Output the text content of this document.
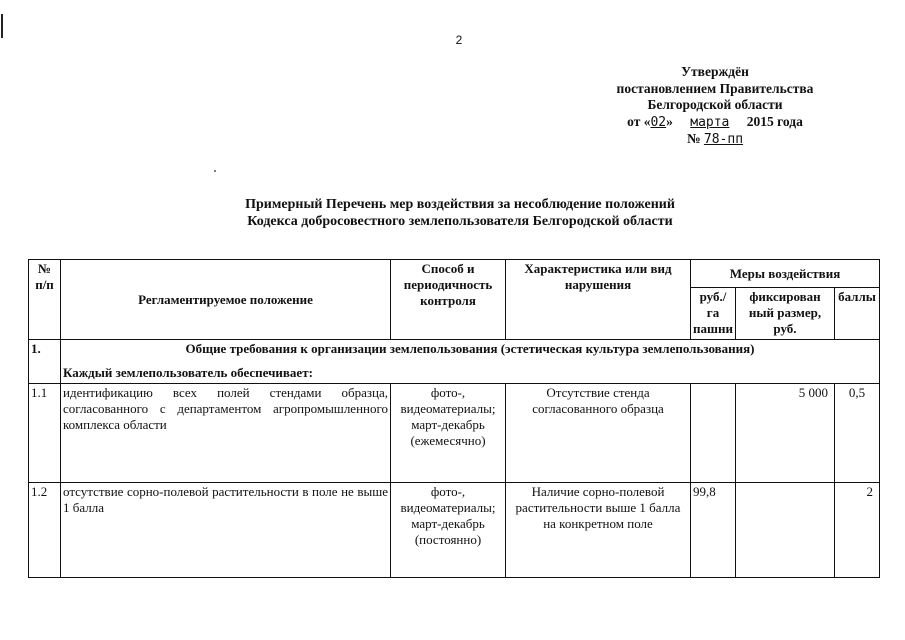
2
Утверждён
постановлением Правительства
Белгородской области
от «02» марта 2015 года
№ 78-пп
Примерный Перечень мер воздействия за несоблюдение положений
Кодекса добросовестного землепользователя Белгородской области
№ п/п	Регламентируемое положение	Способ и периодичность контроля	Характеристика или вид нарушения	Меры воздействия		
				руб./ га пашни	фиксирован ный размер, руб.	баллы
1.	Общие требования к организации землепользования (эстетическая культура землепользования)
Каждый землепользователь обеспечивает:					

1.1	идентификацию всех полей стендами образца, согласованного с департаментом агропромышленного комплекса области	фото-, видеоматериалы; март-декабрь (ежемесячно)	Отсутствие стенда согласованного образца		5 000	0,5
1.2	отсутствие сорно-полевой растительности в поле не выше 1 балла	фото-, видеоматериалы; март-декабрь (постоянно)	Наличие сорно-полевой растительности выше 1 балла на конкретном поле	99,8		2
